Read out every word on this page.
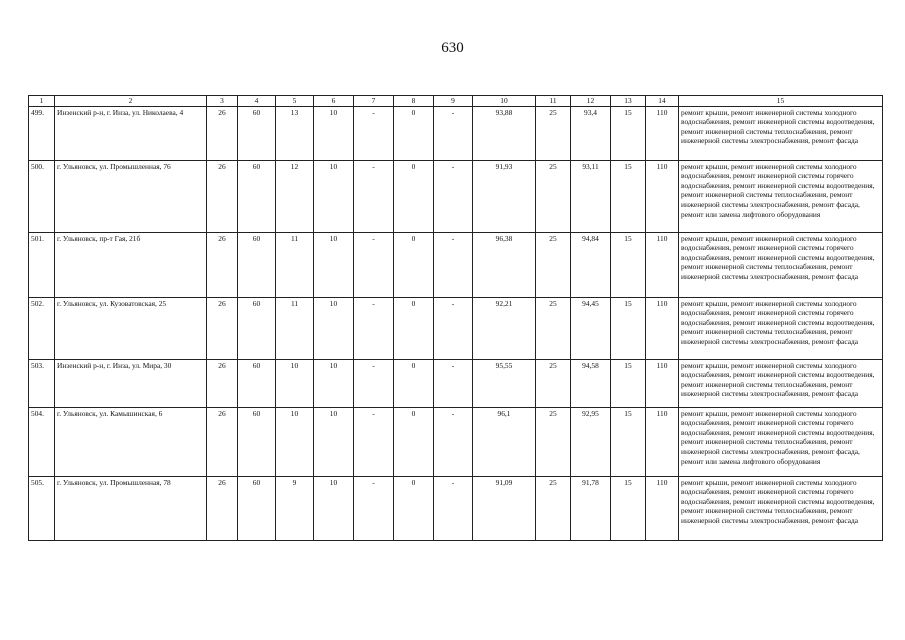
630
1	2	3	4	5	6	7	8	9	10	11	12	13	14	15
499.	Инзенский р-н, г. Инза, ул. Николаева, 4	26	60	13	10	-	0	-	93,88	25	93,4	15	110	ремонт крыши, ремонт инженерной системы холодного водоснабжения, ремонт инженерной системы водоотведения, ремонт инженерной системы теплоснабжения, ремонт инженерной системы электроснабжения, ремонт фасада
500.	г. Ульяновск, ул. Промышленная, 76	26	60	12	10	-	0	-	91,93	25	93,11	15	110	ремонт крыши, ремонт инженерной системы холодного водоснабжения, ремонт инженерной системы горячего водоснабжения, ремонт инженерной системы водоотведения, ремонт инженерной системы теплоснабжения, ремонт инженерной системы электроснабжения, ремонт фасада, ремонт или замена лифтового оборудования
501.	г. Ульяновск, пр-т Гая, 21б	26	60	11	10	-	0	-	96,38	25	94,84	15	110	ремонт крыши, ремонт инженерной системы холодного водоснабжения, ремонт инженерной системы горячего водоснабжения, ремонт инженерной системы водоотведения, ремонт инженерной системы теплоснабжения, ремонт инженерной системы электроснабжения, ремонт фасада
502.	г. Ульяновск, ул. Кузоватовская, 25	26	60	11	10	-	0	-	92,21	25	94,45	15	110	ремонт крыши, ремонт инженерной системы холодного водоснабжения, ремонт инженерной системы горячего водоснабжения, ремонт инженерной системы водоотведения, ремонт инженерной системы теплоснабжения, ремонт инженерной системы электроснабжения, ремонт фасада
503.	Инзенский р-н, г. Инза, ул. Мира, 30	26	60	10	10	-	0	-	95,55	25	94,58	15	110	ремонт крыши, ремонт инженерной системы холодного водоснабжения, ремонт инженерной системы водоотведения, ремонт инженерной системы теплоснабжения, ремонт инженерной системы электроснабжения, ремонт фасада
504.	г. Ульяновск, ул. Камышинская, 6	26	60	10	10	-	0	-	96,1	25	92,95	15	110	ремонт крыши, ремонт инженерной системы холодного водоснабжения, ремонт инженерной системы горячего водоснабжения, ремонт инженерной системы водоотведения, ремонт инженерной системы теплоснабжения, ремонт инженерной системы электроснабжения, ремонт фасада, ремонт или замена лифтового оборудования
505.	г. Ульяновск, ул. Промышленная, 78	26	60	9	10	-	0	-	91,09	25	91,78	15	110	ремонт крыши, ремонт инженерной системы холодного водоснабжения, ремонт инженерной системы горячего водоснабжения, ремонт инженерной системы водоотведения, ремонт инженерной системы теплоснабжения, ремонт инженерной системы электроснабжения, ремонт фасада
